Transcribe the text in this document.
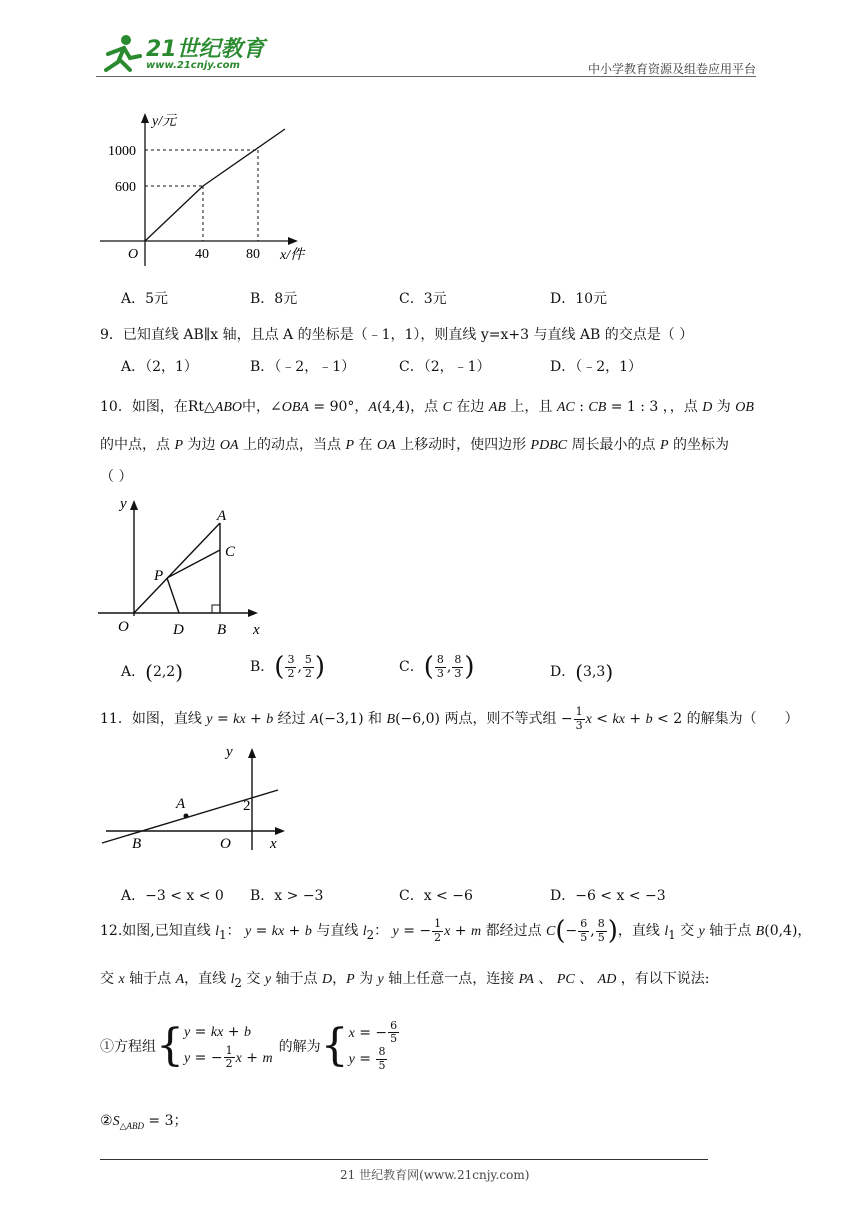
21世纪教育
www.21cnjy.com	中小学教育资源及组卷应用平台
y/元
x/件
O
1000
600
40	80
A．5元	B．8元	C．3元	D．10元
9．已知直线 AB∥x 轴，且点 A 的坐标是（﹣1，1），则直线 y=x+3 与直线 AB 的交点是（ ）
A．（2，1）	B．（﹣2，﹣1）	C．（2，﹣1）	D．（﹣2，1）
10．如图，在Rt△ABO中，∠OBA = 90°，A(4,4)，点 C 在边 AB 上，且 AC : CB = 1 : 3 ，，点 D 为 OB
的中点，点 P 为边 OA 上的动点，当点 P 在 OA 上移动时，使四边形 PDBC 周长最小的点 P 的坐标为
（ ）
y
x
O
A
C
P
D B
A．(2,2)	B．( $\frac{3}{2}$ , $\frac{5}{2}$ )	C．( $\frac{8}{3}$ , $\frac{8}{3}$ )	D．(3,3)
11．如图，直线 y = kx + b 经过 A(−3,1) 和 B(−6,0) 两点，则不等式组 − $\frac{1}{3}$ x < kx + b < 2 的解集为（　　）
y
x
O
A
B
2
A．−3 < x < 0 B．x > −3	C．x < −6	D．−6 < x < −3
12.如图,已知直线 $l_1$： y = kx + b 与直线 $l_2$： y = − $\frac{1}{2}$ x + m 都经过点 $C(- \frac{6}{5}$ , $\frac{8}{5}$ )，直线 $l_1$ 交 y 轴于点 B(0,4)，
交 x 轴于点 A，直线 $l_2$ 交 y 轴于点 D，P 为 y 轴上任意一点，连接 PA 、 PC 、 AD ，有以下说法:
①方程组 { y = kx + b
y = − $\frac{1}{2}$ x + m
的解为 { x = − $\frac{6}{5}$
$y = \frac{8}{5}$
$②S_{\triangle ABD} = 3$；
21 世纪教育网(www.21cnjy.com)
